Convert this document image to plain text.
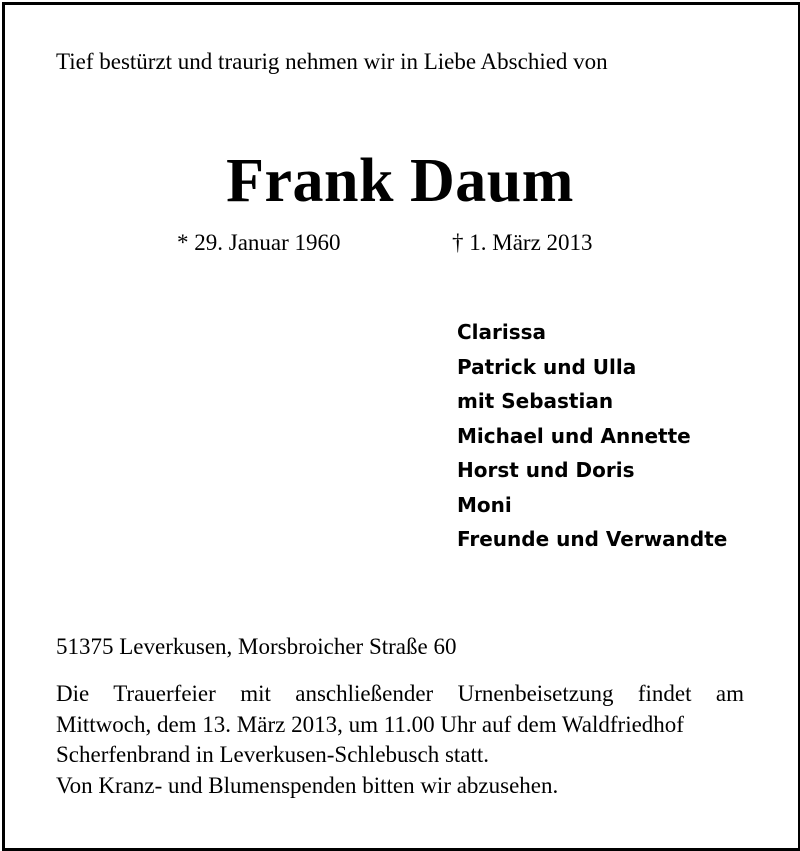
Tief bestürzt und traurig nehmen wir in Liebe Abschied von
Frank Daum
* 29. Januar 1960	† 1. März 2013
Clarissa
Patrick und Ulla
mit Sebastian
Michael und Annette
Horst und Doris
Moni
Freunde und Verwandte
51375 Leverkusen, Morsbroicher Straße 60
Die Trauerfeier mit anschließender Urnenbeisetzung findet am
Mittwoch, dem 13. März 2013, um 11.00 Uhr auf dem Waldfriedhof
Scherfenbrand in Leverkusen-Schlebusch statt.
Von Kranz- und Blumenspenden bitten wir abzusehen.
